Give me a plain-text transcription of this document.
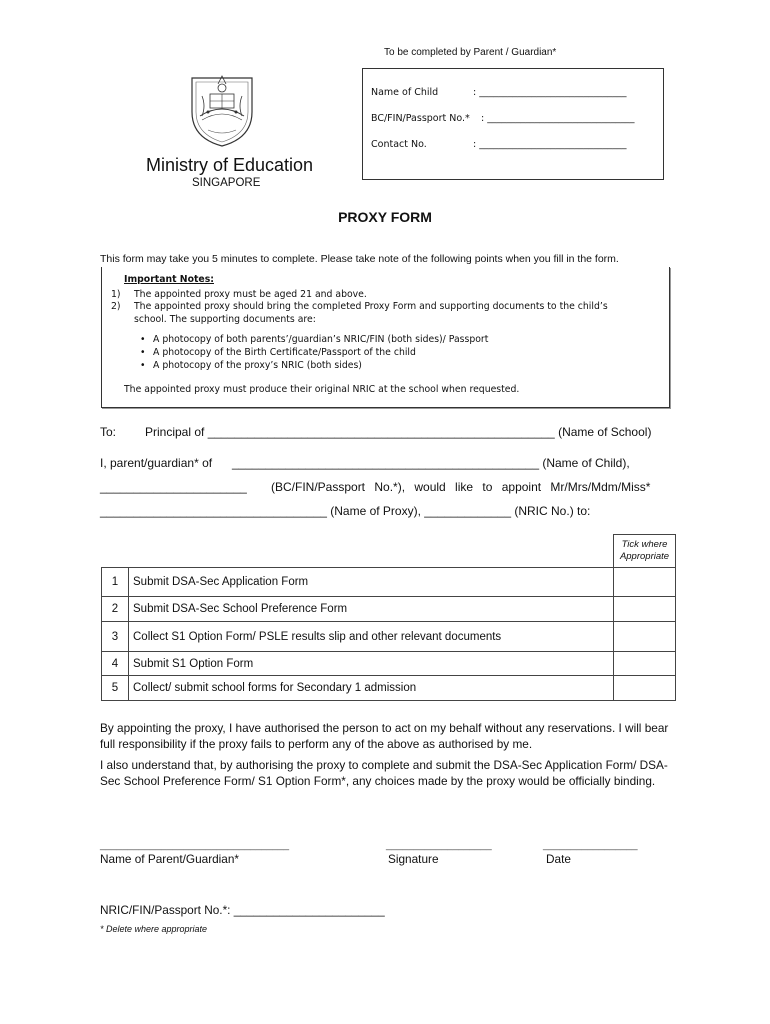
To be completed by Parent / Guardian*
Name of Child	: _______________________________
BC/FIN/Passport No.* : _______________________________
Contact No.	: _______________________________
Ministry of Education
SINGAPORE
PROXY FORM
This form may take you 5 minutes to complete. Please take note of the following points when you fill in the form.
Important Notes:
1) The appointed proxy must be aged 21 and above.
2) The appointed proxy should bring the completed Proxy Form and supporting documents to the child’s
school. The supporting documents are:
• A photocopy of both parents’/guardian’s NRIC/FIN (both sides)/ Passport
• A photocopy of the Birth Certificate/Passport of the child
• A photocopy of the proxy’s NRIC (both sides)
The appointed proxy must produce their original NRIC at the school when requested.
To: Principal of ____________________________________________________ (Name of School)
I, parent/guardian* of ______________________________________________ (Name of Child),
______________________ (BC/FIN/Passport No.*), would like to appoint Mr/Mrs/Mdm/Miss*
__________________________________ (Name of Proxy), _____________ (NRIC No.) to:
		Tick where Appropriate
1	Submit DSA-Sec Application Form	
2	Submit DSA-Sec School Preference Form	
3	Collect S1 Option Form/ PSLE results slip and other relevant documents	
4	Submit S1 Option Form	
5	Collect/ submit school forms for Secondary 1 admission	
By appointing the proxy, I have authorised the person to act on my behalf without any reservations. I will bear full responsibility if the proxy fails to perform any of the above as authorised by me.
I also understand that, by authorising the proxy to complete and submit the DSA-Sec Application Form/ DSA-Sec School Preference Form/ S1 Option Form*, any choices made by the proxy would be officially binding.
__________________________________	___________________	_________________
Name of Parent/Guardian*	Signature	Date
NRIC/FIN/Passport No.*: _______________________
* Delete where appropriate
